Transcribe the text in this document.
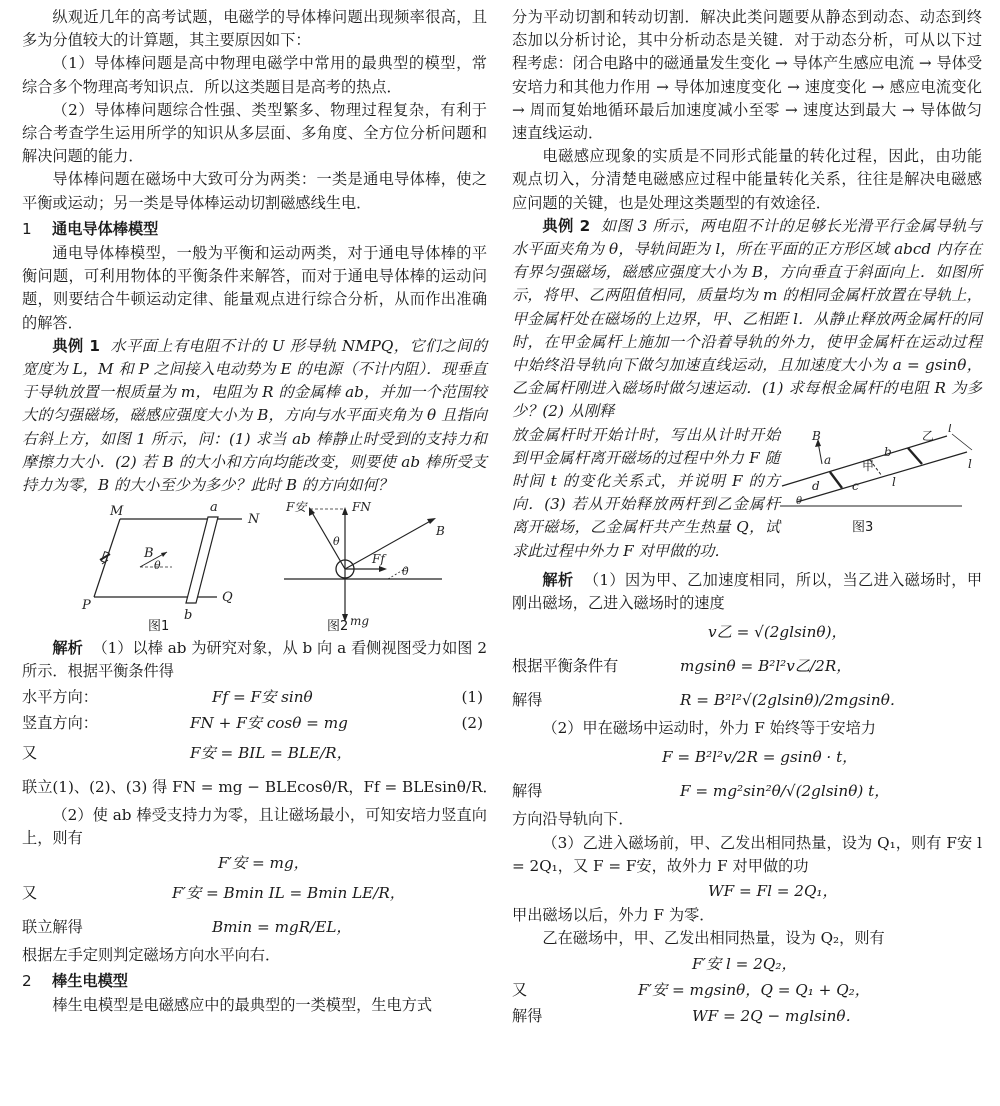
纵观近几年的高考试题，电磁学的导体棒问题出现频率很高，且多为分值较大的计算题，其主要原因如下：

（1）导体棒问题是高中物理电磁学中常用的最典型的模型，常综合多个物理高考知识点．所以这类题目是高考的热点．

（2）导体棒问题综合性强、类型繁多、物理过程复杂，有利于综合考查学生运用所学的知识从多层面、多角度、全方位分析问题和解决问题的能力．

导体棒问题在磁场中大致可分为两类：一类是通电导体棒，使之平衡或运动；另一类是导体棒运动切割磁感线生电．

1 通电导体棒模型

通电导体棒模型，一般为平衡和运动两类，对于通电导体棒的平衡问题，可利用物体的平衡条件来解答，而对于通电导体棒的运动问题，则要结合牛顿运动定律、能量观点进行综合分析，从而作出准确的解答．

典例 1 水平面上有电阻不计的 U 形导轨 NMPQ，它们之间的宽度为 L，M 和 P 之间接入电动势为 E 的电源（不计内阻）．现垂直于导轨放置一根质量为 m，电阻为 R 的金属棒 ab，并加一个范围较大的匀强磁场，磁感应强度大小为 B，方向与水平面夹角为 θ 且指向右斜上方，如图 1 所示，问：(1) 求当 ab 棒静止时受到的支持力和摩擦力大小．(2) 若 B 的大小和方向均能改变，则要使 ab 棒所受支持力为零，B 的大小至少为多少？此时 B 的方向如何？

M	a
N
B
θ
P
b
Q
F安	FN
θ
Ff
θ
B
mg
图1	图2

解析 （1）以棒 ab 为研究对象，从 b 向 a 看侧视图受力如图 2 所示．根据平衡条件得

水平方向：	Ff = F安 sinθ	(1)
竖直方向：	FN + F安 cosθ = mg	(2)
又	F安 = BIL = BLE/R，
联立(1)、(2)、(3) 得 FN = mg − BLEcosθ/R，Ff = BLEsinθ/R．

（2）使 ab 棒受支持力为零，且让磁场最小，可知安培力竖直向上，则有

F′安 = mg，
又	F′安 = Bmin IL = Bmin LE/R，
联立解得	Bmin = mgR/EL，

根据左手定则判定磁场方向水平向右．

2 棒生电模型

棒生电模型是电磁感应中的最典型的一类模型，生电方式

分为平动切割和转动切割．解决此类问题要从静态到动态、动态到终态加以分析讨论，其中分析动态是关键．对于动态分析，可从以下过程考虑：闭合电路中的磁通量发生变化 → 导体产生感应电流 → 导体受安培力和其他力作用 → 导体加速度变化 → 速度变化 → 感应电流变化 → 周而复始地循环最后加速度减小至零 → 速度达到最大 → 导体做匀速直线运动．

电磁感应现象的实质是不同形式能量的转化过程，因此，由功能观点切入，分清楚电磁感应过程中能量转化关系，往往是解决电磁感应问题的关键，也是处理这类题型的有效途径．

典例 2 如图 3 所示，两电阻不计的足够长光滑平行金属导轨与水平面夹角为 θ，导轨间距为 l，所在平面的正方形区域 abcd 内存在有界匀强磁场，磁感应强度大小为 B，方向垂直于斜面向上．如图所示，将甲、乙两阻值相同，质量均为 m 的相同金属杆放置在导轨上，甲金属杆处在磁场的上边界，甲、乙相距 l．从静止释放两金属杆的同时，在甲金属杆上施加一个沿着导轨的外力，使甲金属杆在运动过程中始终沿导轨向下做匀加速直线运动，且加速度大小为 a = gsinθ，乙金属杆刚进入磁场时做匀速运动．(1) 求每根金属杆的电阻 R 为多少？(2) 从刚释

放金属杆时开始计时，写出从计时开始到甲金属杆离开磁场的过程中外力 F 随时间 t 的变化关系式，并说明 F 的方向．(3) 若从开始释放两杆到乙金属杆离开磁场，乙金属杆共产生热量 Q，试求此过程中外力 F 对甲做的功．

B
a
d
甲
b
c
乙
l
l
l
θ
图3

解析 （1）因为甲、乙加速度相同，所以，当乙进入磁场时，甲刚出磁场，乙进入磁场时的速度

v乙 = √(2glsinθ)，
根据平衡条件有	mgsinθ = B²l²v乙/2R，
解得	R = B²l²√(2glsinθ)/2mgsinθ．

（2）甲在磁场中运动时，外力 F 始终等于安培力

F = B²l²v/2R = gsinθ · t，
解得	F = mg²sin²θ/√(2glsinθ) t，

方向沿导轨向下．

（3）乙进入磁场前，甲、乙发出相同热量，设为 Q₁，则有 F安 l = 2Q₁，又 F = F安，故外力 F 对甲做的功

WF = Fl = 2Q₁，

甲出磁场以后，外力 F 为零．

乙在磁场中，甲、乙发出相同热量，设为 Q₂，则有

F′安 l = 2Q₂，
又	F′安 = mgsinθ，Q = Q₁ + Q₂，
解得	WF = 2Q − mglsinθ．
